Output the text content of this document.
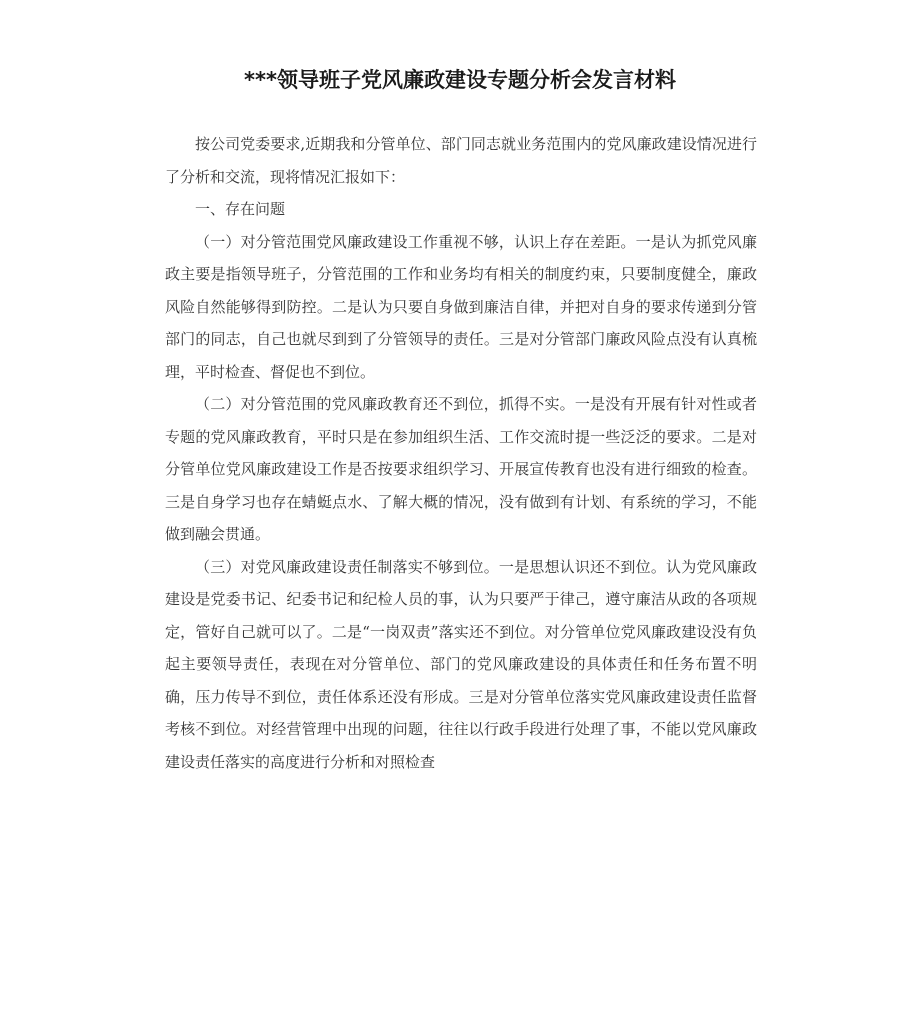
***领导班子党风廉政建设专题分析会发言材料

按公司党委要求,近期我和分管单位、部门同志就业务范围内的党风廉政建设情况进行了分析和交流，现将情况汇报如下：

一、存在问题

（一）对分管范围党风廉政建设工作重视不够，认识上存在差距。一是认为抓党风廉政主要是指领导班子，分管范围的工作和业务均有相关的制度约束，只要制度健全，廉政风险自然能够得到防控。二是认为只要自身做到廉洁自律，并把对自身的要求传递到分管部门的同志，自己也就尽到到了分管领导的责任。三是对分管部门廉政风险点没有认真梳理，平时检查、督促也不到位。

（二）对分管范围的党风廉政教育还不到位，抓得不实。一是没有开展有针对性或者专题的党风廉政教育，平时只是在参加组织生活、工作交流时提一些泛泛的要求。二是对分管单位党风廉政建设工作是否按要求组织学习、开展宣传教育也没有进行细致的检查。三是自身学习也存在蜻蜓点水、了解大概的情况，没有做到有计划、有系统的学习，不能做到融会贯通。

（三）对党风廉政建设责任制落实不够到位。一是思想认识还不到位。认为党风廉政建设是党委书记、纪委书记和纪检人员的事，认为只要严于律己，遵守廉洁从政的各项规定，管好自己就可以了。二是“一岗双责”落实还不到位。对分管单位党风廉政建设没有负起主要领导责任，表现在对分管单位、部门的党风廉政建设的具体责任和任务布置不明确，压力传导不到位，责任体系还没有形成。三是对分管单位落实党风廉政建设责任监督考核不到位。对经营管理中出现的问题，往往以行政手段进行处理了事，不能以党风廉政建设责任落实的高度进行分析和对照检查
